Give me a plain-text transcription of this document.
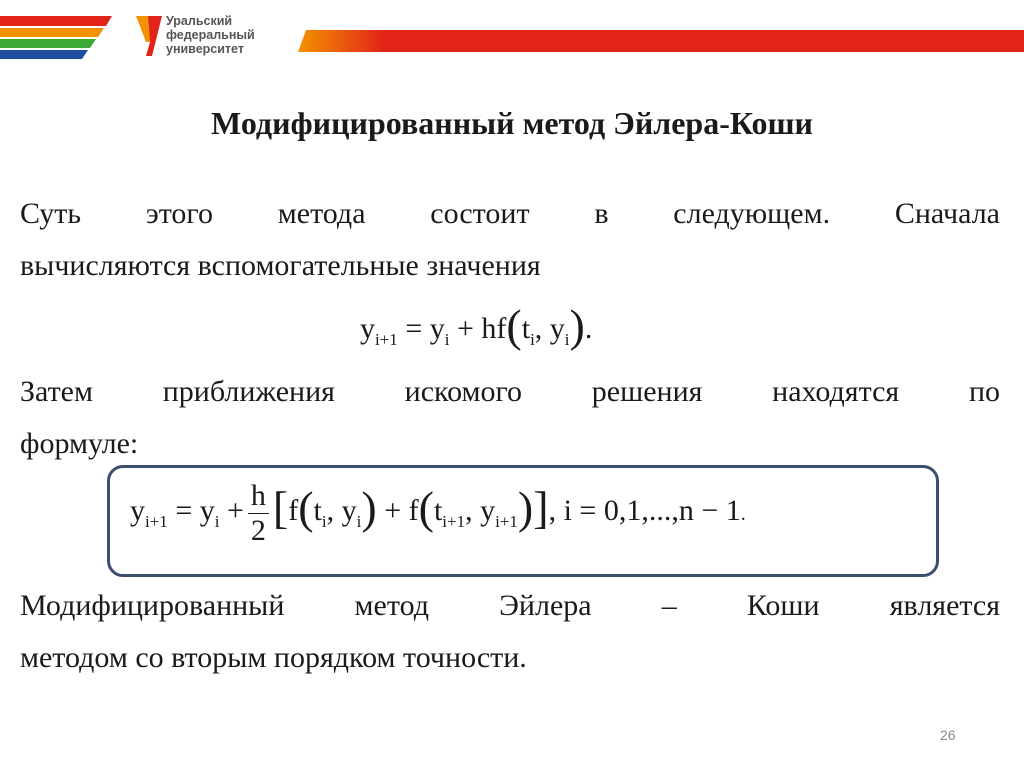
Уральский
федеральный
университет
Модифицированный метод Эйлера-Коши
Суть этого метода состоит в следующем. Сначала
вычисляются вспомогательные значения
$y_{i+1} = y_i + hf(t_i$, $y_i$).
Затем приближения искомого решения находятся по
формуле:
$y_{i+1} = y_i + \frac{h}{2} [f(t_i$, $y_i) + f(t_{i+1}$, $y_{i+1}$)], i = 0,1,...,n − 1.
Модифицированный метод Эйлера – Коши является
методом со вторым порядком точности.
26
